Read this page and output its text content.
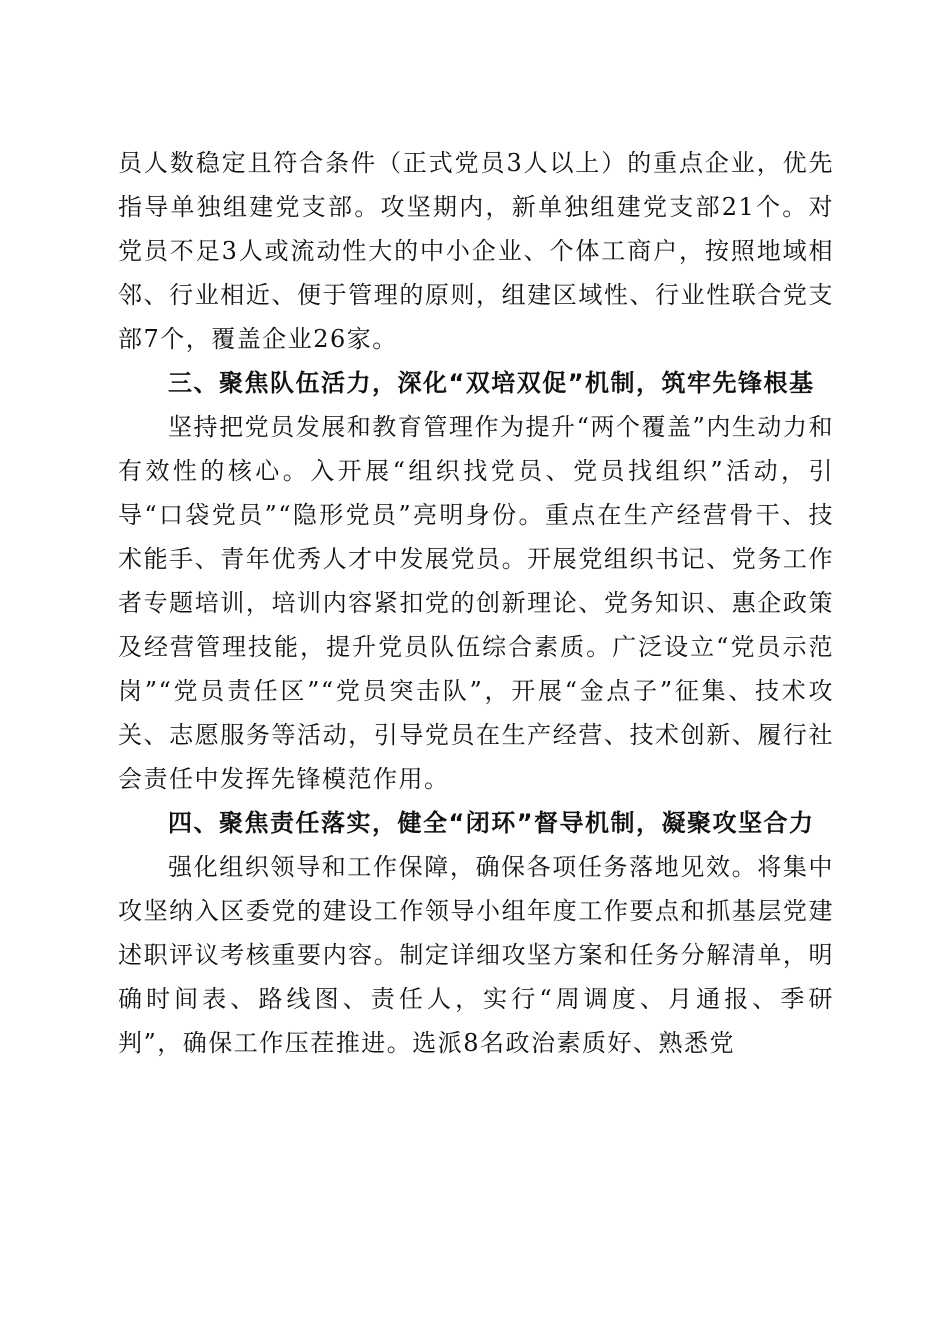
员人数稳定且符合条件（正式党员3人以上）的重点企业，优先指导单独组建党支部。攻坚期内，新单独组建党支部21个。对党员不足3人或流动性大的中小企业、个体工商户，按照地域相邻、行业相近、便于管理的原则，组建区域性、行业性联合党支部7个，覆盖企业26家。

三、聚焦队伍活力，深化“双培双促”机制，筑牢先锋根基

坚持把党员发展和教育管理作为提升“两个覆盖”内生动力和有效性的核心。入开展“组织找党员、党员找组织”活动，引导“口袋党员”“隐形党员”亮明身份。重点在生产经营骨干、技术能手、青年优秀人才中发展党员。开展党组织书记、党务工作者专题培训，培训内容紧扣党的创新理论、党务知识、惠企政策及经营管理技能，提升党员队伍综合素质。广泛设立“党员示范岗”“党员责任区”“党员突击队”，开展“金点子”征集、技术攻关、志愿服务等活动，引导党员在生产经营、技术创新、履行社会责任中发挥先锋模范作用。

四、聚焦责任落实，健全“闭环”督导机制，凝聚攻坚合力

强化组织领导和工作保障，确保各项任务落地见效。将集中攻坚纳入区委党的建设工作领导小组年度工作要点和抓基层党建述职评议考核重要内容。制定详细攻坚方案和任务分解清单，明确时间表、路线图、责任人，实行“周调度、月通报、季研判”，确保工作压茬推进。选派8名政治素质好、熟悉党
